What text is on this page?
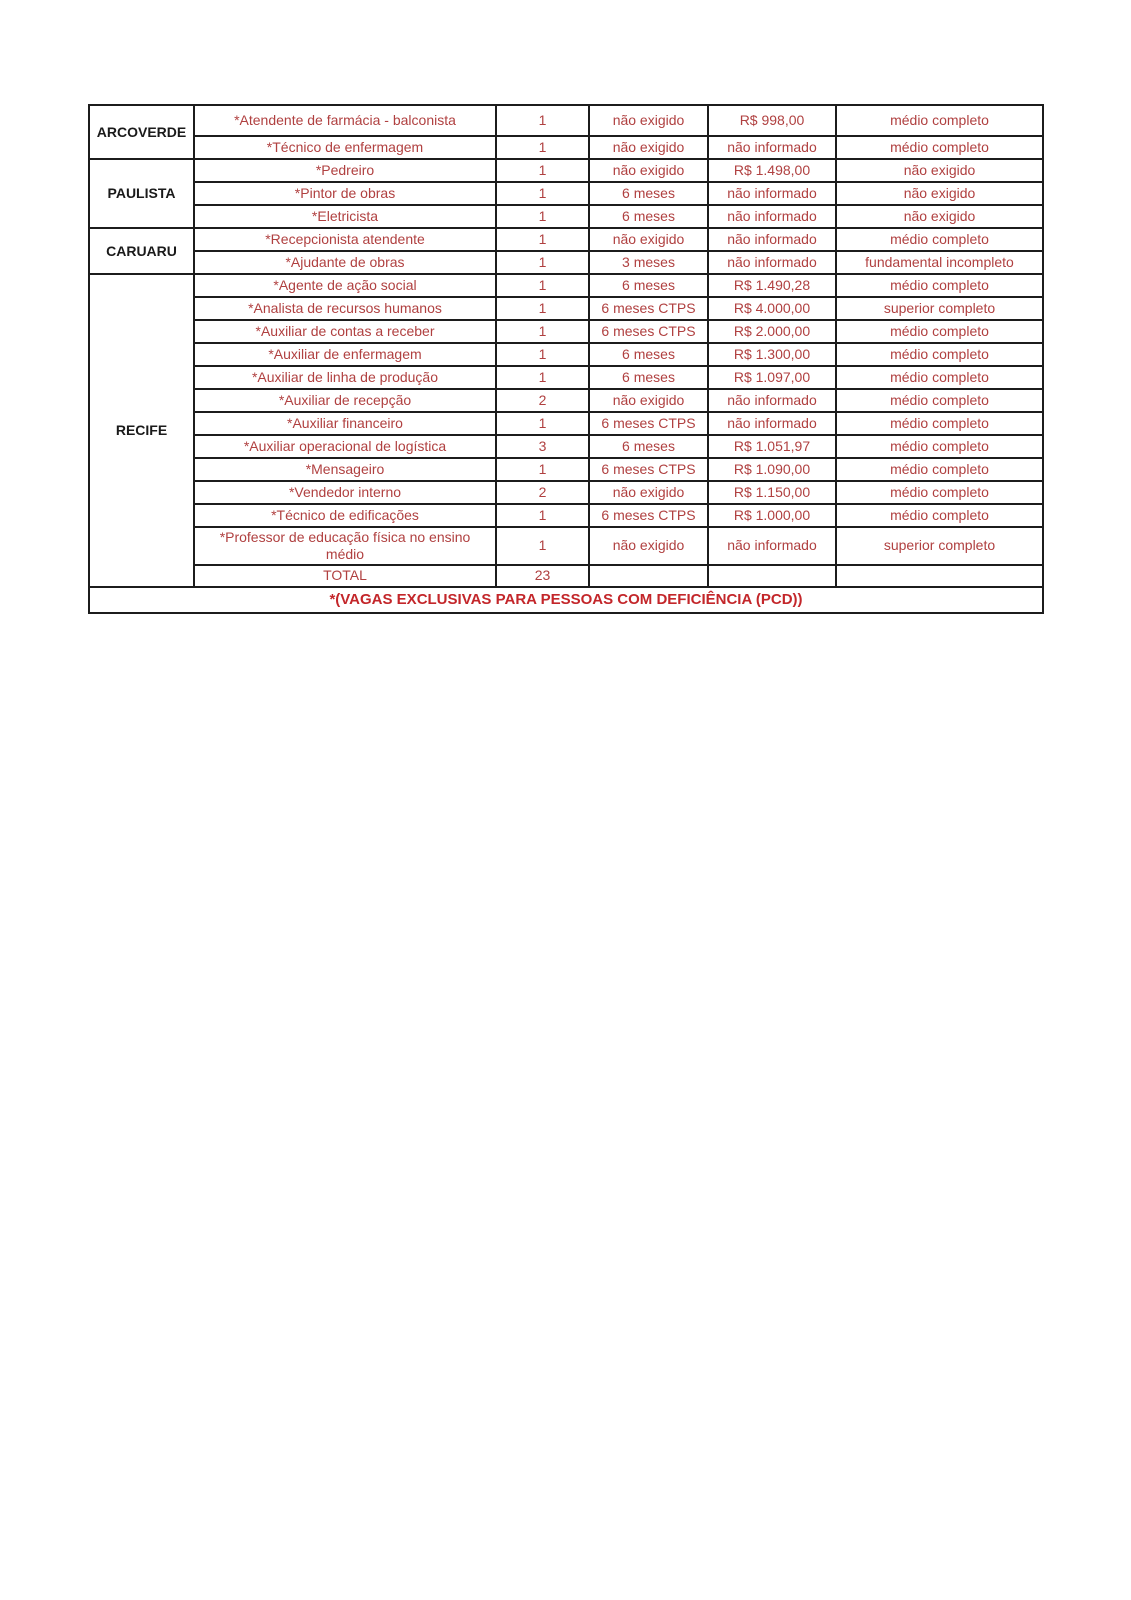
ARCOVERDE	*Atendente de farmácia - balconista	1	não exigido	R$ 998,00	médio completo
	*Técnico de enfermagem	1	não exigido	não informado	médio completo
PAULISTA	*Pedreiro	1	não exigido	R$ 1.498,00	não exigido
	*Pintor de obras	1	6 meses	não informado	não exigido
	*Eletricista	1	6 meses	não informado	não exigido
CARUARU	*Recepcionista atendente	1	não exigido	não informado	médio completo
	*Ajudante de obras	1	3 meses	não informado	fundamental incompleto
RECIFE	*Agente de ação social	1	6 meses	R$ 1.490,28	médio completo
	*Analista de recursos humanos	1	6 meses CTPS	R$ 4.000,00	superior completo
	*Auxiliar de contas a receber	1	6 meses CTPS	R$ 2.000,00	médio completo
	*Auxiliar de enfermagem	1	6 meses	R$ 1.300,00	médio completo
	*Auxiliar de linha de produção	1	6 meses	R$ 1.097,00	médio completo
	*Auxiliar de recepção	2	não exigido	não informado	médio completo
	*Auxiliar financeiro	1	6 meses CTPS	não informado	médio completo
	*Auxiliar operacional de logística	3	6 meses	R$ 1.051,97	médio completo
	*Mensageiro	1	6 meses CTPS	R$ 1.090,00	médio completo
	*Vendedor interno	2	não exigido	R$ 1.150,00	médio completo
	*Técnico de edificações	1	6 meses CTPS	R$ 1.000,00	médio completo
	*Professor de educação física no ensino médio	1	não exigido	não informado	superior completo
	TOTAL	23			
*(VAGAS EXCLUSIVAS PARA PESSOAS COM DEFICIÊNCIA (PCD))					
